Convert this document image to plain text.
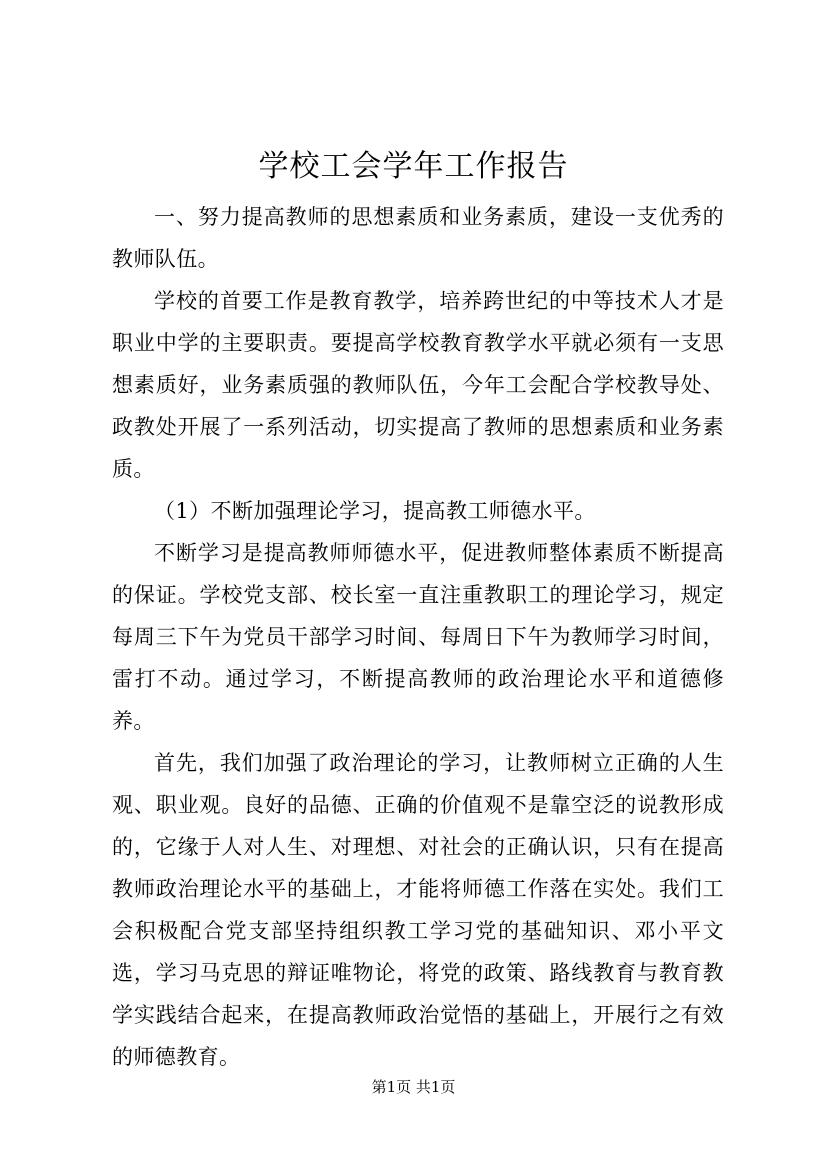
学校工会学年工作报告

一、努力提高教师的思想素质和业务素质，建设一支优秀的教师队伍。

学校的首要工作是教育教学，培养跨世纪的中等技术人才是职业中学的主要职责。要提高学校教育教学水平就必须有一支思想素质好，业务素质强的教师队伍，今年工会配合学校教导处、政教处开展了一系列活动，切实提高了教师的思想素质和业务素质。

（1）不断加强理论学习，提高教工师德水平。

不断学习是提高教师师德水平，促进教师整体素质不断提高的保证。学校党支部、校长室一直注重教职工的理论学习，规定每周三下午为党员干部学习时间、每周日下午为教师学习时间，雷打不动。通过学习，不断提高教师的政治理论水平和道德修养。

首先，我们加强了政治理论的学习，让教师树立正确的人生观、职业观。良好的品德、正确的价值观不是靠空泛的说教形成的，它缘于人对人生、对理想、对社会的正确认识，只有在提高教师政治理论水平的基础上，才能将师德工作落在实处。我们工会积极配合党支部坚持组织教工学习党的基础知识、邓小平文选，学习马克思的辩证唯物论，将党的政策、路线教育与教育教学实践结合起来，在提高教师政治觉悟的基础上，开展行之有效的师德教育。

第1页 共1页
